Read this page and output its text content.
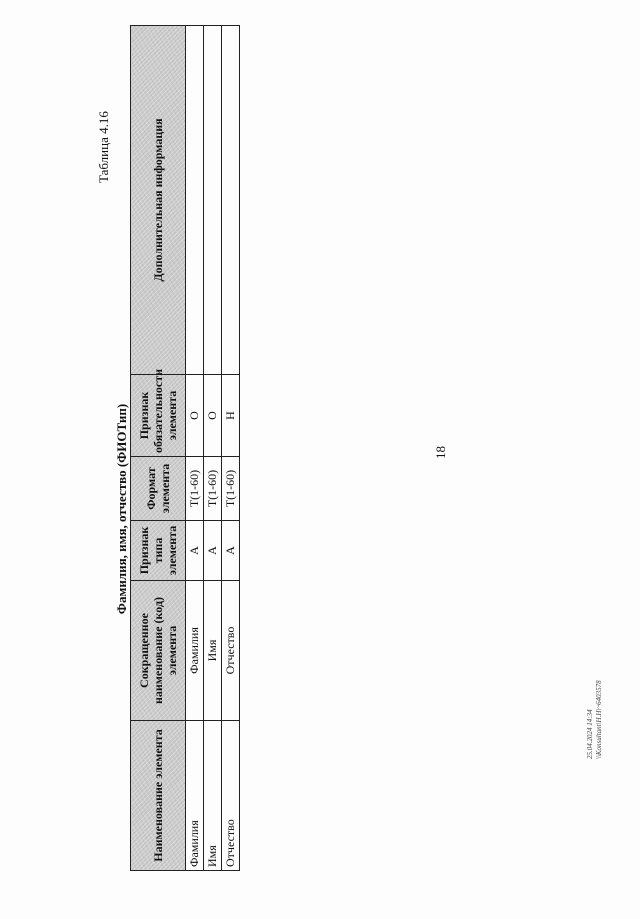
18
Таблица 4.16
Фамилия, имя, отчество (ФИОТип)
Наименование элемента	Сокращенное наименование (код) элемента	Признак типа элемента	Формат элемента	Признак обязательности элемента	Дополнительная информация
Фамилия	Фамилия	А	Т(1-60)	О	
Имя	Имя	А	Т(1-60)	О	
Отчество	Отчество	А	Т(1-60)	Н	
25.04.2024 14:34 \\Konsultant\Н.Н\~6403578
